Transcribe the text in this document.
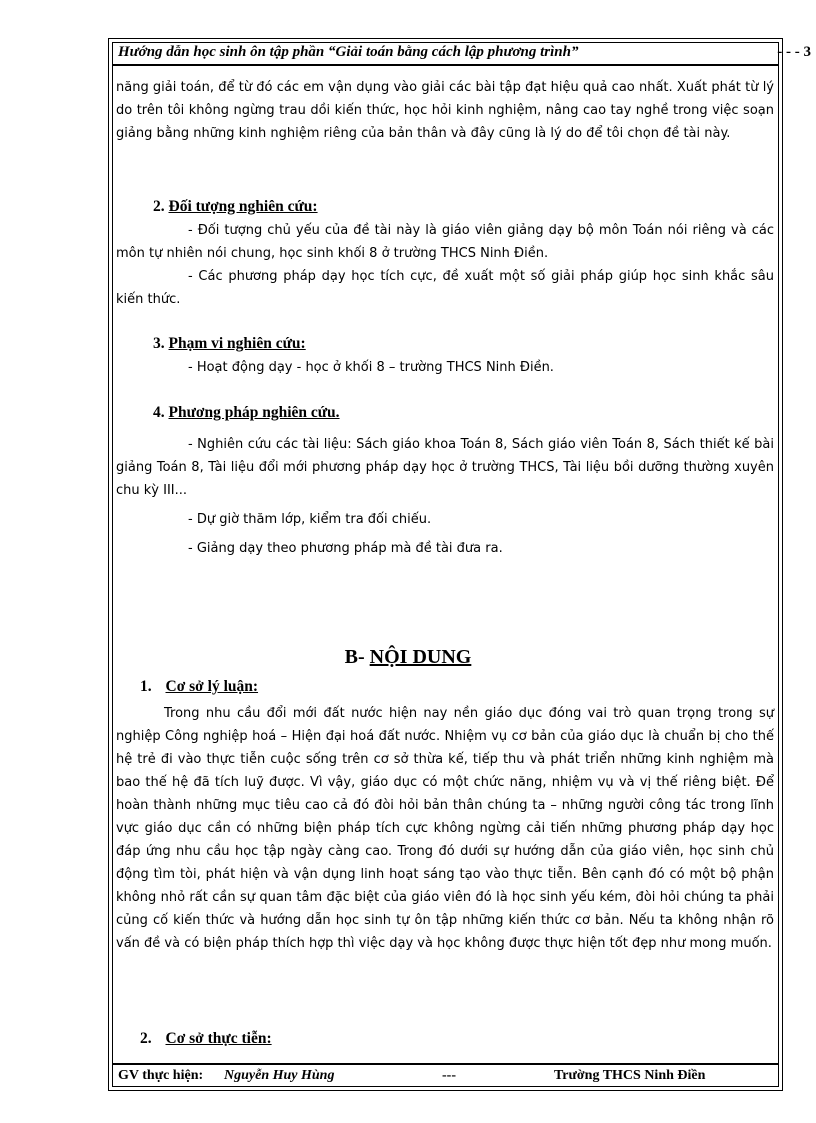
Hướng dẫn học sinh ôn tập phần “Giải toán bằng cách lập phương trình”	- - - 3

năng giải toán, để từ đó các em vận dụng vào giải các bài tập đạt hiệu quả cao nhất. Xuất phát từ lý do trên tôi không ngừng trau dồi kiến thức, học hỏi kinh nghiệm, nâng cao tay nghề trong việc soạn giảng bằng những kinh nghiệm riêng của bản thân và đây cũng là lý do để tôi chọn đề tài này.

2. Đối tượng nghiên cứu:

- Đối tượng chủ yếu của đề tài này là giáo viên giảng dạy bộ môn Toán nói riêng và các môn tự nhiên nói chung, học sinh khối 8 ở trường THCS Ninh Điền.

- Các phương pháp dạy học tích cực, đề xuất một số giải pháp giúp học sinh khắc sâu kiến thức.

3. Phạm vi nghiên cứu:

- Hoạt động dạy - học ở khối 8 – trường THCS Ninh Điền.

4. Phương pháp nghiên cứu.

- Nghiên cứu các tài liệu: Sách giáo khoa Toán 8, Sách giáo viên Toán 8, Sách thiết kế bài giảng Toán 8, Tài liệu đổi mới phương pháp dạy học ở trường THCS, Tài liệu bồi dưỡng thường xuyên chu kỳ III...

- Dự giờ thăm lớp, kiểm tra đối chiếu.

- Giảng dạy theo phương pháp mà đề tài đưa ra.

B- NỘI DUNG
1. Cơ sở lý luận:

Trong nhu cầu đổi mới đất nước hiện nay nền giáo dục đóng vai trò quan trọng trong sự nghiệp Công nghiệp hoá – Hiện đại hoá đất nước. Nhiệm vụ cơ bản của giáo dục là chuẩn bị cho thế hệ trẻ đi vào thực tiễn cuộc sống trên cơ sở thừa kế, tiếp thu và phát triển những kinh nghiệm mà bao thế hệ đã tích luỹ được. Vì vậy, giáo dục có một chức năng, nhiệm vụ và vị thế riêng biệt. Để hoàn thành những mục tiêu cao cả đó đòi hỏi bản thân chúng ta – những người công tác trong lĩnh vực giáo dục cần có những biện pháp tích cực không ngừng cải tiến những phương pháp dạy học đáp ứng nhu cầu học tập ngày càng cao. Trong đó dưới sự hướng dẫn của giáo viên, học sinh chủ động tìm tòi, phát hiện và vận dụng linh hoạt sáng tạo vào thực tiễn. Bên cạnh đó có một bộ phận không nhỏ rất cần sự quan tâm đặc biệt của giáo viên đó là học sinh yếu kém, đòi hỏi chúng ta phải củng cố kiến thức và hướng dẫn học sinh tự ôn tập những kiến thức cơ bản. Nếu ta không nhận rõ vấn đề và có biện pháp thích hợp thì việc dạy và học không được thực hiện tốt đẹp như mong muốn.

2. Cơ sở thực tiễn:
GV thực hiện: Nguyễn Huy Hùng	---	Trường THCS Ninh Điền
